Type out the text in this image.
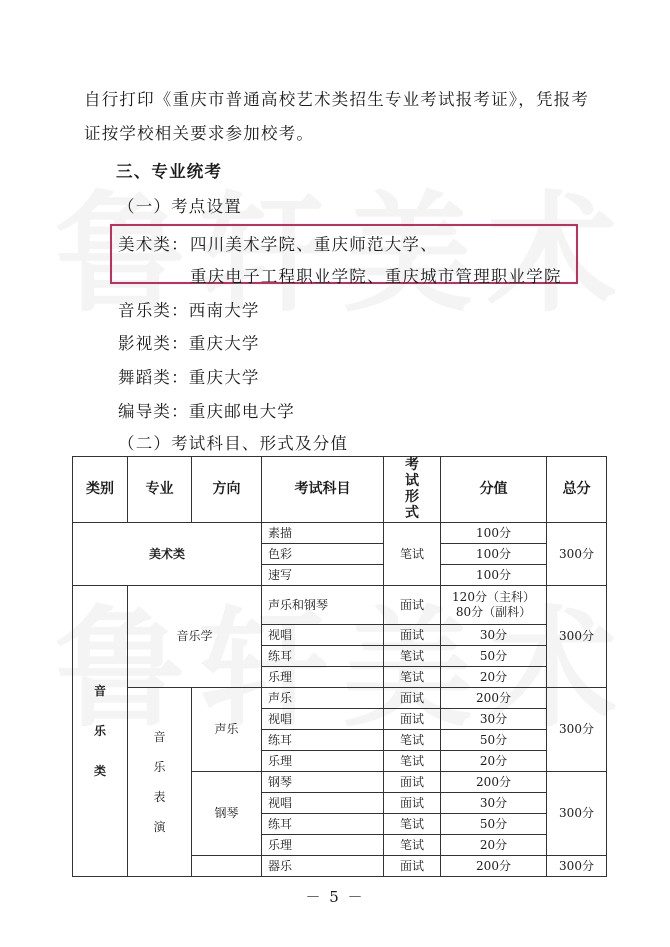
自行打印《重庆市普通高校艺术类招生专业考试报考证》，凭报考证按学校相关要求参加校考。
三、专业统考
（一）考点设置
美术类： 四川美术学院、重庆师范大学、
重庆电子工程职业学院、重庆城市管理职业学院
音乐类：西南大学
影视类：重庆大学
舞蹈类：重庆大学
编导类：重庆邮电大学
（二）考试科目、形式及分值
类别	专业	方向	考试科目	考试形式	分值	总分
美术类			素描	笔试	100分	300分
			色彩		100分	
			速写		100分	
音乐类	音乐学		声乐和钢琴	面试	120分（主科）
80分（副科）	300分
			视唱	面试	30分	
			练耳	笔试	50分	
			乐理	笔试	20分	
	音乐表演	声乐	声乐	面试	200分	300分
			视唱	面试	30分	
			练耳	笔试	50分	
			乐理	笔试	20分	
		钢琴	钢琴	面试	200分	300分
			视唱	面试	30分	
			练耳	笔试	50分	
			乐理	笔试	20分	
			器乐	面试	200分	300分
－ 5 －
